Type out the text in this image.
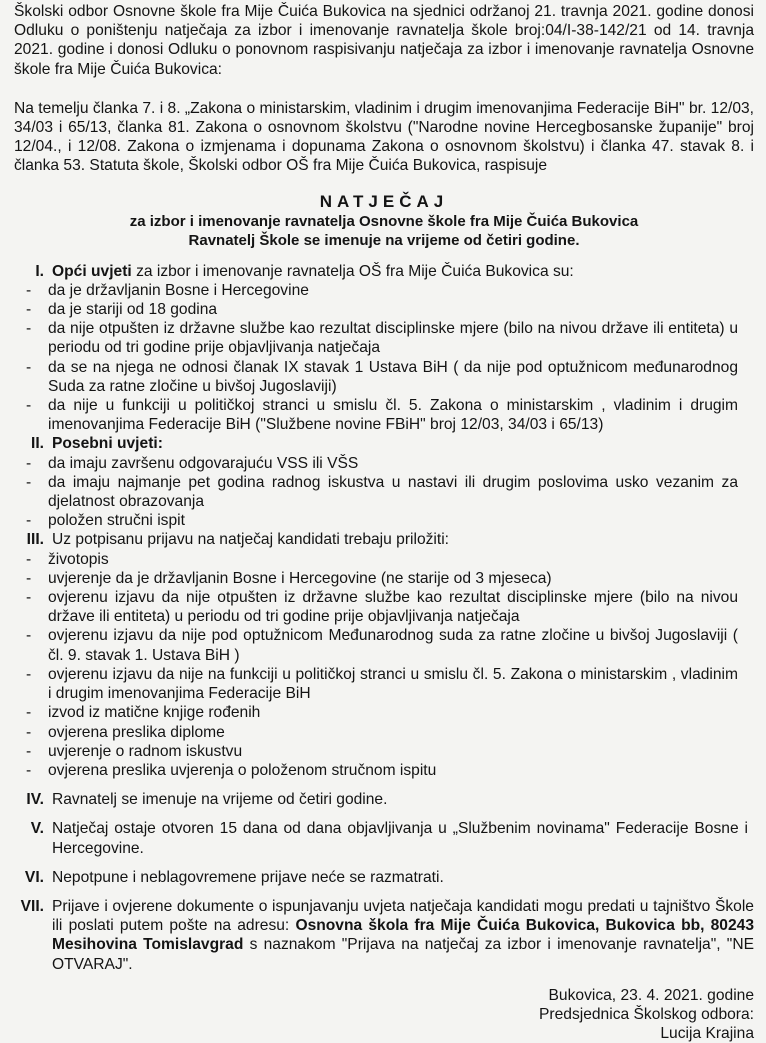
Školski odbor Osnovne škole fra Mije Čuića Bukovica na sjednici održanoj 21. travnja 2021. godine donosi Odluku o poništenju natječaja za izbor i imenovanje ravnatelja škole broj:04/I-38-142/21 od 14. travnja 2021. godine i donosi Odluku o ponovnom raspisivanju natječaja za izbor i imenovanje ravnatelja Osnovne škole fra Mije Čuića Bukovica:

Na temelju članka 7. i 8. „Zakona o ministarskim, vladinim i drugim imenovanjima Federacije BiH" br. 12/03, 34/03 i 65/13, članka 81. Zakona o osnovnom školstvu ("Narodne novine Hercegbosanske županije" broj 12/04., i 12/08. Zakona o izmjenama i dopunama Zakona o osnovnom školstvu) i članka 47. stavak 8. i članka 53. Statuta škole, Školski odbor OŠ fra Mije Čuića Bukovica, raspisuje

NATJEČAJ
za izbor i imenovanje ravnatelja Osnovne škole fra Mije Čuića Bukovica
Ravnatelj Škole se imenuje na vrijeme od četiri godine.
I. Opći uvjeti za izbor i imenovanje ravnatelja OŠ fra Mije Čuića Bukovica su:
-	da je državljanin Bosne i Hercegovine
-	da je stariji od 18 godina
-	da nije otpušten iz državne službe kao rezultat disciplinske mjere (bilo na nivou države ili entiteta) u periodu od tri godine prije objavljivanja natječaja
-	da se na njega ne odnosi članak IX stavak 1 Ustava BiH ( da nije pod optužnicom međunarodnog Suda za ratne zločine u bivšoj Jugoslaviji)
-	da nije u funkciji u političkoj stranci u smislu čl. 5. Zakona o ministarskim , vladinim i drugim imenovanjima Federacije BiH ("Službene novine FBiH" broj 12/03, 34/03 i 65/13)
II. Posebni uvjeti:
-	da imaju završenu odgovarajuću VSS ili VŠS
-	da imaju najmanje pet godina radnog iskustva u nastavi ili drugim poslovima usko vezanim za djelatnost obrazovanja
-	položen stručni ispit
III. Uz potpisanu prijavu na natječaj kandidati trebaju priložiti:
-	životopis
-	uvjerenje da je državljanin Bosne i Hercegovine (ne starije od 3 mjeseca)
-	ovjerenu izjavu da nije otpušten iz državne službe kao rezultat disciplinske mjere (bilo na nivou države ili entiteta) u periodu od tri godine prije objavljivanja natječaja
-	ovjerenu izjavu da nije pod optužnicom Međunarodnog suda za ratne zločine u bivšoj Jugoslaviji ( čl. 9. stavak 1. Ustava BiH )
-	ovjerenu izjavu da nije na funkciji u političkoj stranci u smislu čl. 5. Zakona o ministarskim , vladinim i drugim imenovanjima Federacije BiH
-	izvod iz matične knjige rođenih
-	ovjerena preslika diplome
-	uvjerenje o radnom iskustvu
-	ovjerena preslika uvjerenja o položenom stručnom ispitu
IV. Ravnatelj se imenuje na vrijeme od četiri godine.
V. Natječaj ostaje otvoren 15 dana od dana objavljivanja u „Službenim novinama" Federacije Bosne i Hercegovine.
VI. Nepotpune i neblagovremene prijave neće se razmatrati.
VII. Prijave i ovjerene dokumente o ispunjavanju uvjeta natječaja kandidati mogu predati u tajništvo Škole ili poslati putem pošte na adresu: Osnovna škola fra Mije Čuića Bukovica, Bukovica bb, 80243 Mesihovina Tomislavgrad s naznakom "Prijava na natječaj za izbor i imenovanje ravnatelja", "NE OTVARAJ".
Bukovica, 23. 4. 2021. godine
Predsjednica Školskog odbora:
Lucija Krajina
